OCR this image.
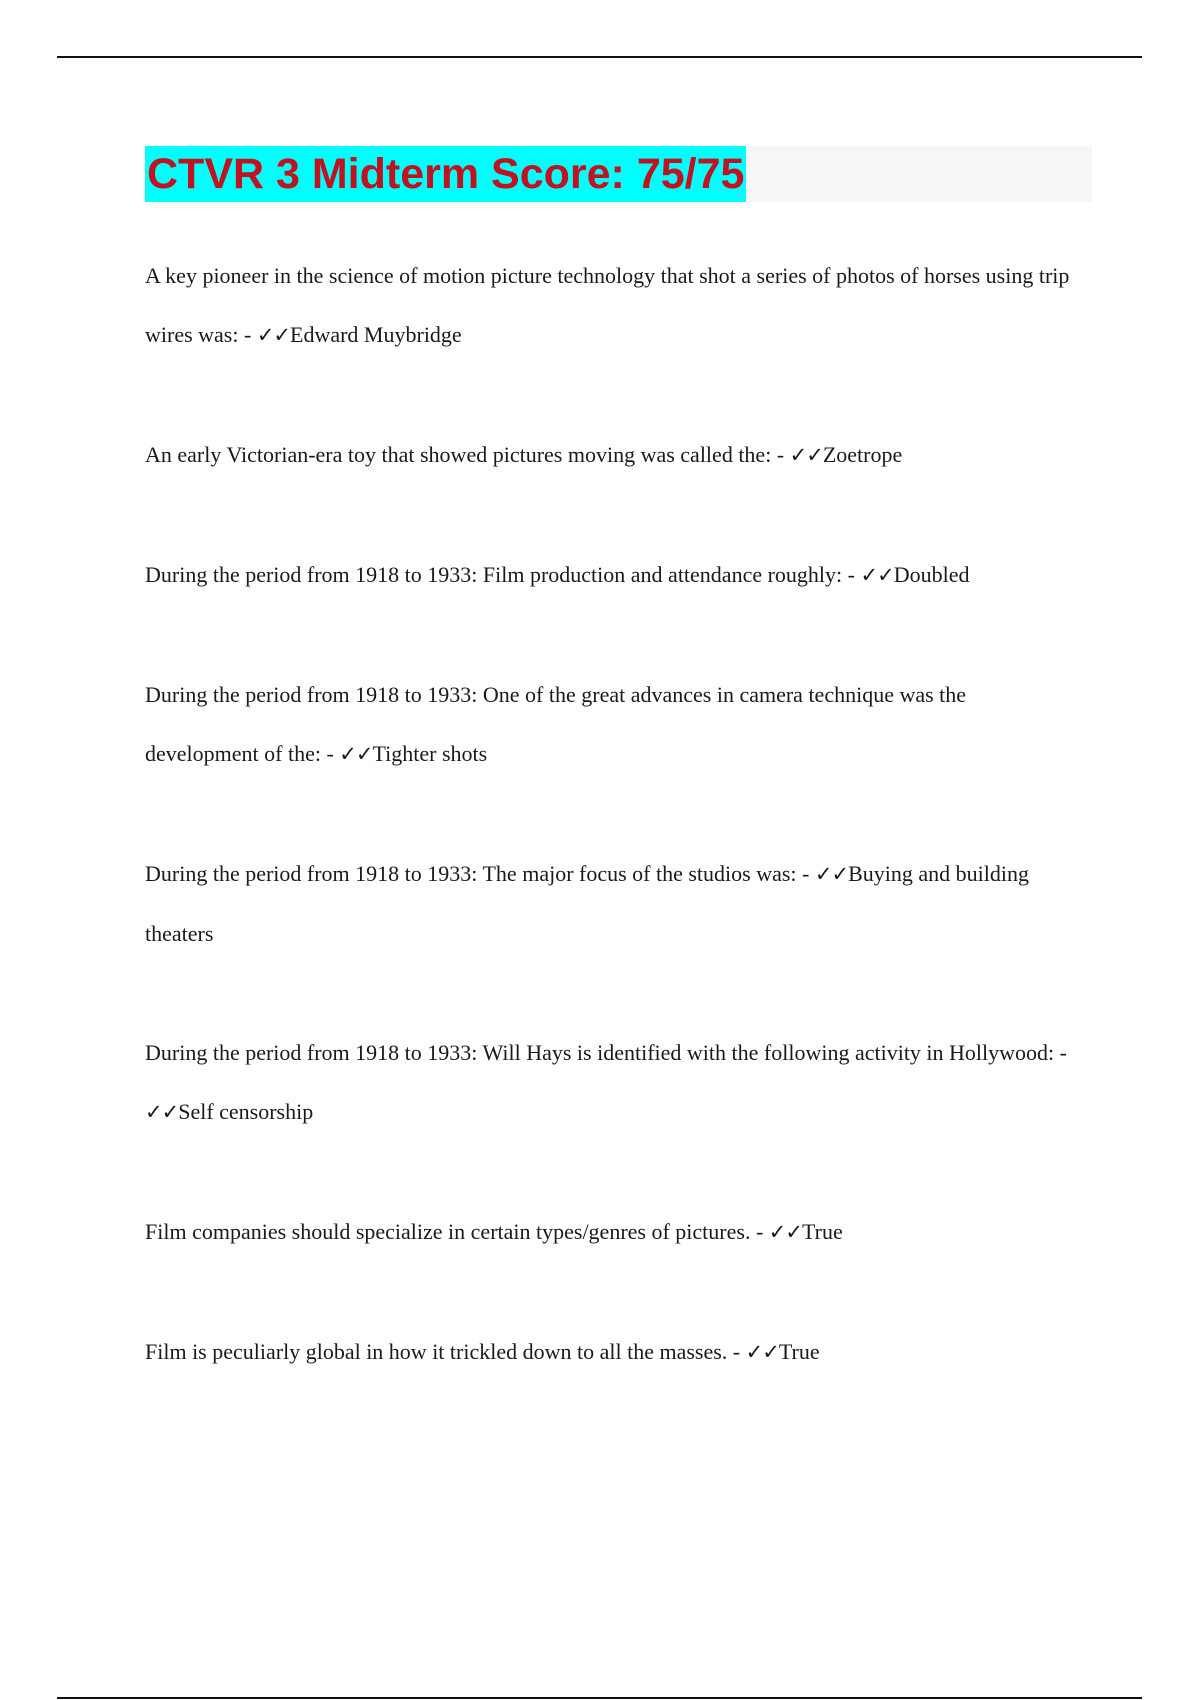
CTVR 3 Midterm Score: 75/75

A key pioneer in the science of motion picture technology that shot a series of photos of horses using trip wires was: - ✓✓Edward Muybridge

An early Victorian-era toy that showed pictures moving was called the: - ✓✓Zoetrope

During the period from 1918 to 1933: Film production and attendance roughly: - ✓✓Doubled

During the period from 1918 to 1933: One of the great advances in camera technique was the development of the: - ✓✓Tighter shots

During the period from 1918 to 1933: The major focus of the studios was: - ✓✓Buying and building theaters

During the period from 1918 to 1933: Will Hays is identified with the following activity in Hollywood: - ✓✓Self censorship

Film companies should specialize in certain types/genres of pictures. - ✓✓True

Film is peculiarly global in how it trickled down to all the masses. - ✓✓True
